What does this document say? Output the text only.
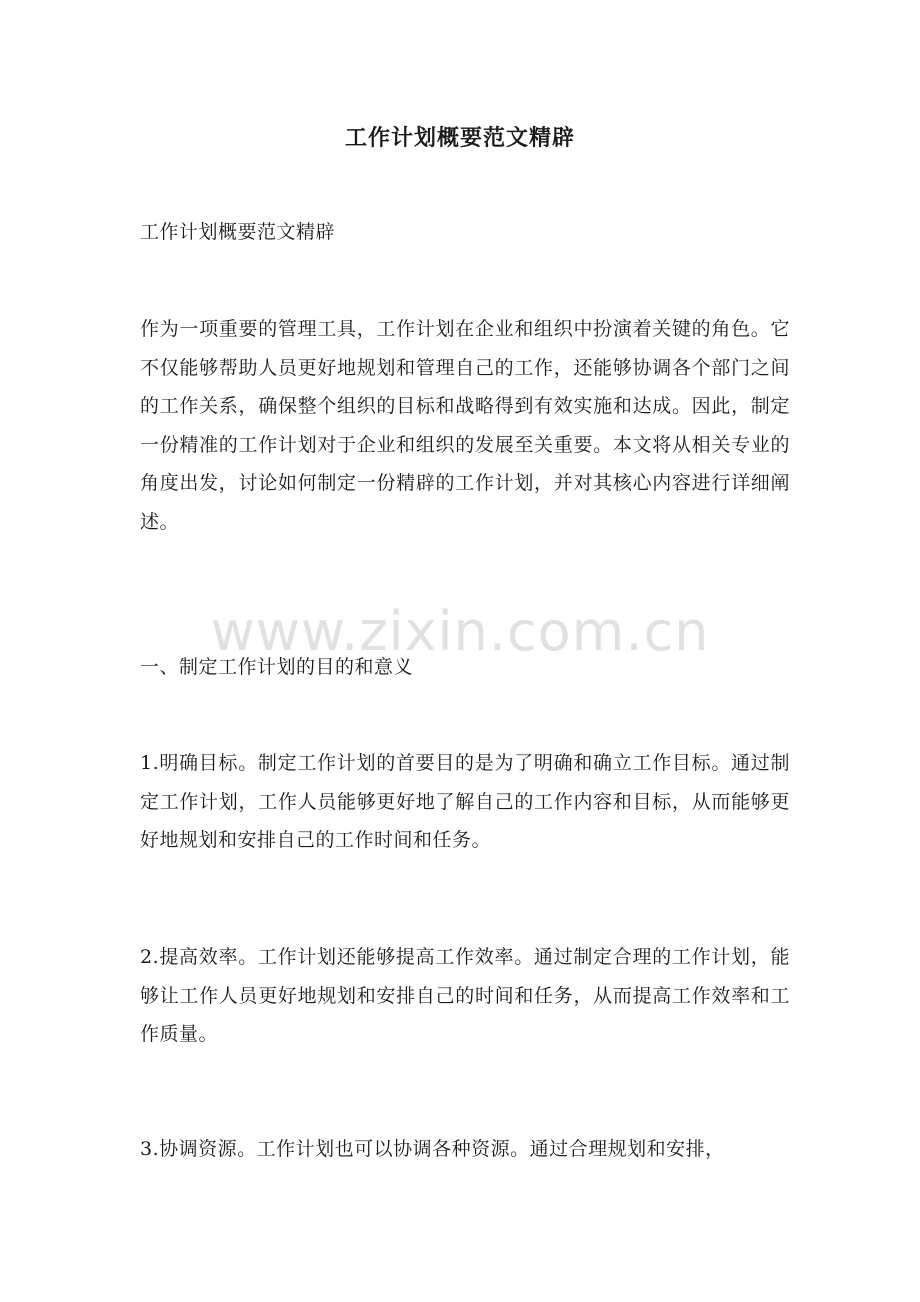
工作计划概要范文精辟
工作计划概要范文精辟
作为一项重要的管理工具，工作计划在企业和组织中扮演着关键的角色。它不仅能够帮助人员更好地规划和管理自己的工作，还能够协调各个部门之间的工作关系，确保整个组织的目标和战略得到有效实施和达成。因此，制定一份精准的工作计划对于企业和组织的发展至关重要。本文将从相关专业的角度出发，讨论如何制定一份精辟的工作计划，并对其核心内容进行详细阐述。
一、制定工作计划的目的和意义
1.明确目标。制定工作计划的首要目的是为了明确和确立工作目标。通过制定工作计划，工作人员能够更好地了解自己的工作内容和目标，从而能够更好地规划和安排自己的工作时间和任务。
2.提高效率。工作计划还能够提高工作效率。通过制定合理的工作计划，能够让工作人员更好地规划和安排自己的时间和任务，从而提高工作效率和工作质量。
3.协调资源。工作计划也可以协调各种资源。通过合理规划和安排，
www.zixin.com.cn
